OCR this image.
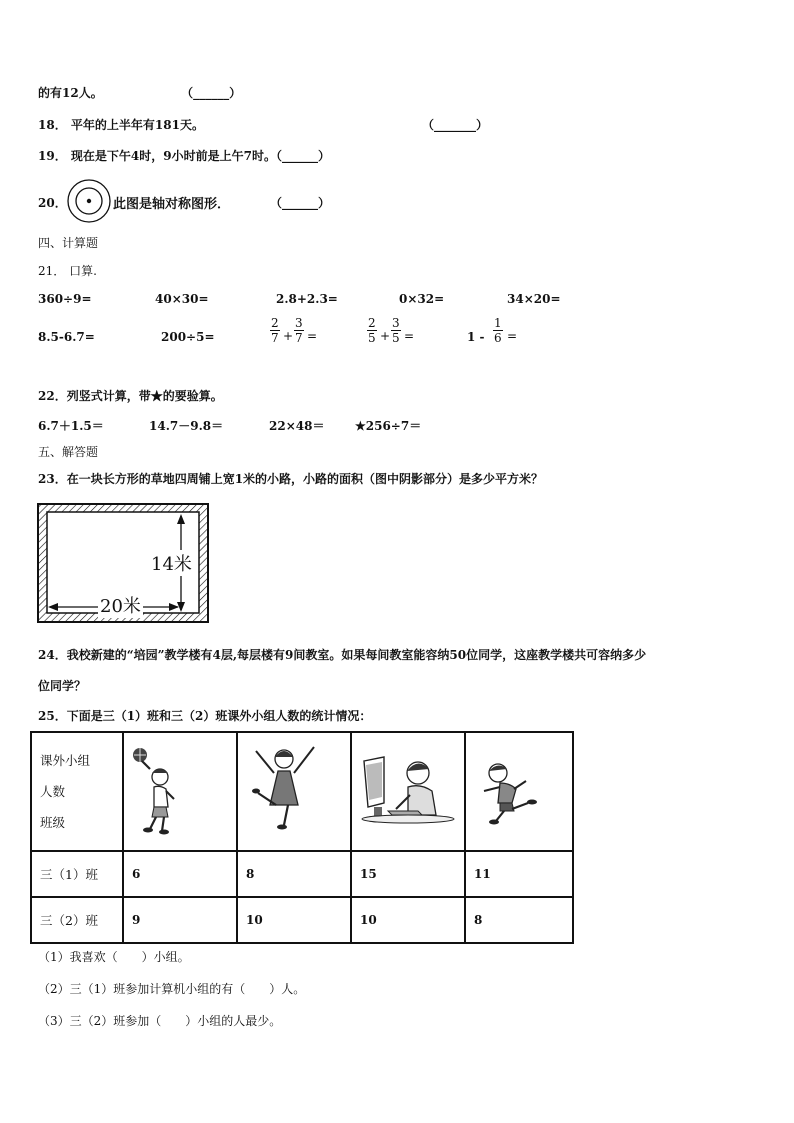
的有12人。	（______）
18． 平年的上半年有181天。	（_______）
19． 现在是下午4时，9小时前是上午7时。（______）
20．	此图是轴对称图形．	（______）
四、计算题
21． 口算.
360÷9=	40×30=	2.8+2.3=	0×32=	34×20=
8.5-6.7=	200÷5=	$\frac{2}{7} + \frac{3}{7}$ =	$\frac{2}{5} + \frac{3}{5}$ =	$1 - \frac{1}{6}$ =
22．列竖式计算，带★的要验算。
6.7＋1.5＝	14.7－9.8＝	22×48＝	★256÷7＝
五、解答题
23．在一块长方形的草地四周铺上宽1米的小路，小路的面积（图中阴影部分）是多少平方米？
14米
20米
24．我校新建的“培园”教学楼有4层,每层楼有9间教室。如果每间教室能容纳50位同学，这座教学楼共可容纳多少
位同学？
25．下面是三（1）班和三（2）班课外小组人数的统计情况：
课外小组
人数
班级

三（1）班	6	8	15	11

三（2）班	9	10	10	8
（1）我喜欢（　　）小组。
（2）三（1）班参加计算机小组的有（　　）人。
（3）三（2）班参加（　　）小组的人最少。
